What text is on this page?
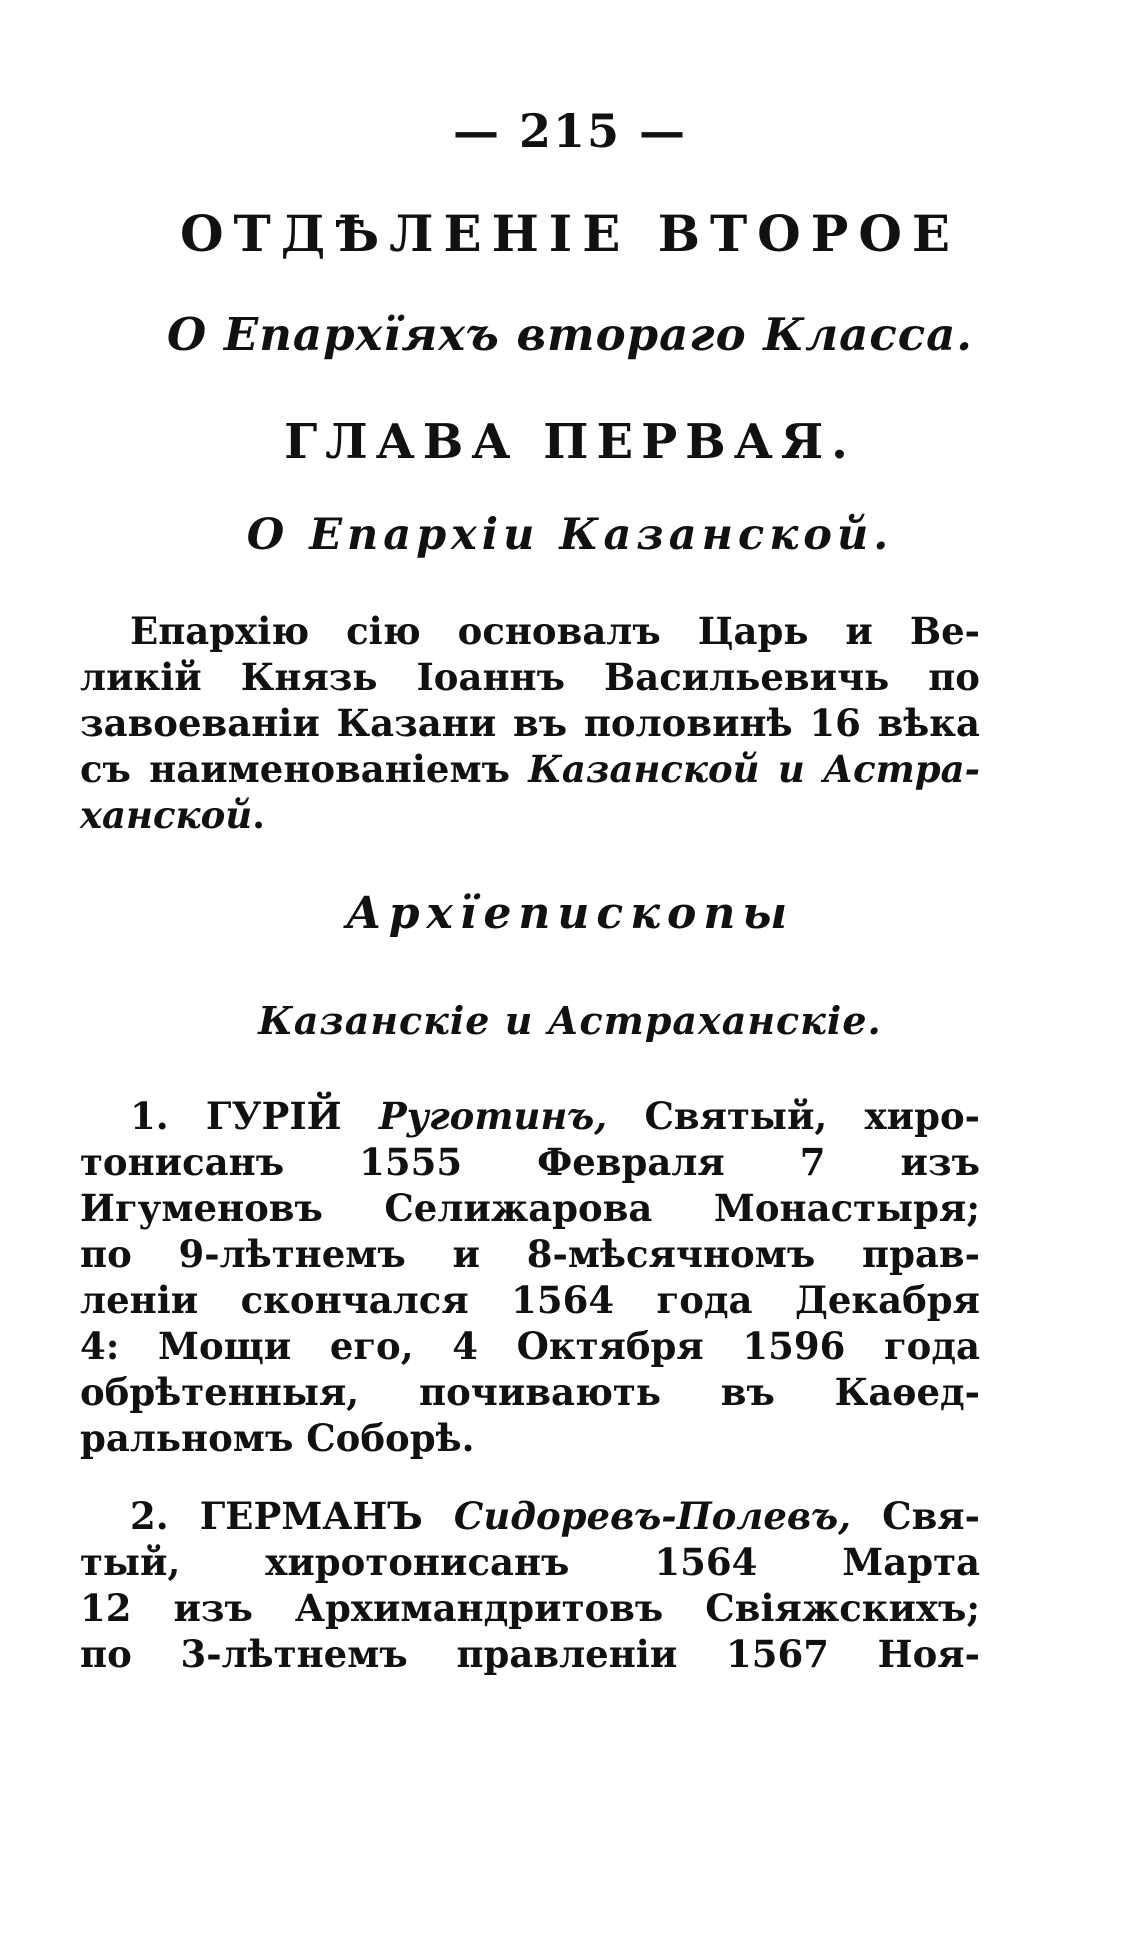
— 215 —
ОТДѢЛЕНІЕ ВТОРОЕ
О Епархїяхъ втораго Класса.
ГЛАВА ПЕРВАЯ.
О Епархіи Казанской.
Епархію сію основалъ Царь и Ве-
ликій Князь Іоаннъ Васильевичь по
завоеваніи Казани въ половинѣ 16 вѣка
съ наименованіемъ Казанской и Астра-
ханской.
Архїепископы
Казанскіе и Астраханскіе.
1. ГУРІЙ Руготинъ, Святый, хиро-
тонисанъ 1555 Февраля 7 изъ
Игуменовъ Селижарова Монастыря;
по 9-лѣтнемъ и 8-мѣсячномъ прав-
леніи скончался 1564 года Декабря
4: Мощи его, 4 Октября 1596 года
обрѣтенныя, почивають въ Каѳед-
ральномъ Соборѣ.
2. ГЕРМАНЪ Сидоревъ-Полевъ, Свя-
тый, хиротонисанъ 1564 Марта
12 изъ Архимандритовъ Свіяжскихъ;
по 3-лѣтнемъ правленіи 1567 Ноя-
